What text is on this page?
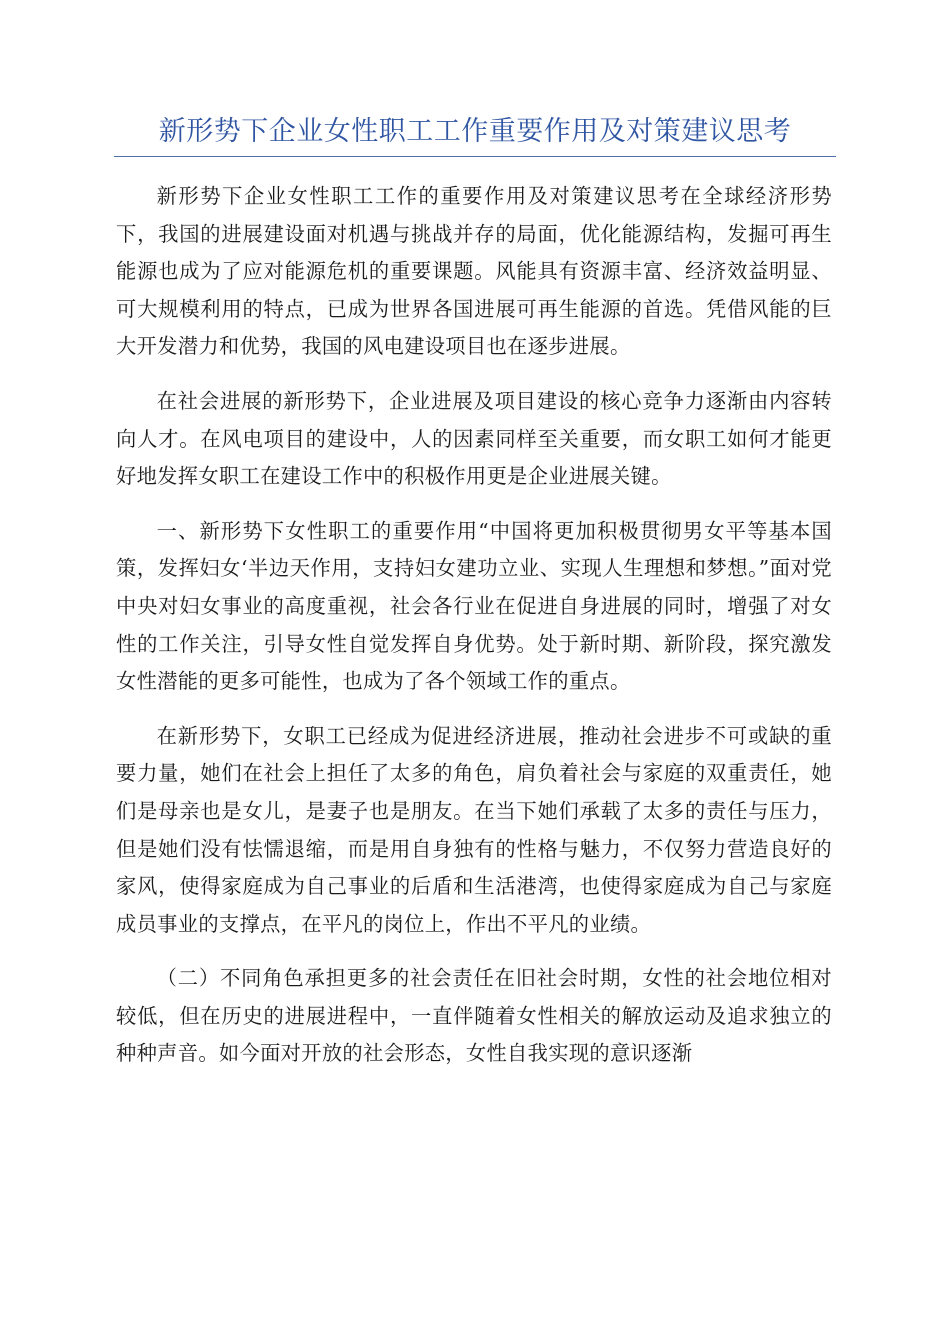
新形势下企业女性职工工作重要作用及对策建议思考

新形势下企业女性职工工作的重要作用及对策建议思考在全球经济形势下，我国的进展建设面对机遇与挑战并存的局面，优化能源结构，发掘可再生能源也成为了应对能源危机的重要课题。风能具有资源丰富、经济效益明显、可大规模利用的特点，已成为世界各国进展可再生能源的首选。凭借风能的巨大开发潜力和优势，我国的风电建设项目也在逐步进展。

在社会进展的新形势下，企业进展及项目建设的核心竞争力逐渐由内容转向人才。在风电项目的建设中，人的因素同样至关重要，而女职工如何才能更好地发挥女职工在建设工作中的积极作用更是企业进展关键。

一、新形势下女性职工的重要作用“中国将更加积极贯彻男女平等基本国策，发挥妇女‘半边天作用，支持妇女建功立业、实现人生理想和梦想。”面对党中央对妇女事业的高度重视，社会各行业在促进自身进展的同时，增强了对女性的工作关注，引导女性自觉发挥自身优势。处于新时期、新阶段，探究激发女性潜能的更多可能性，也成为了各个领域工作的重点。

在新形势下，女职工已经成为促进经济进展，推动社会进步不可或缺的重要力量，她们在社会上担任了太多的角色，肩负着社会与家庭的双重责任，她们是母亲也是女儿，是妻子也是朋友。在当下她们承载了太多的责任与压力，但是她们没有怯懦退缩，而是用自身独有的性格与魅力，不仅努力营造良好的家风，使得家庭成为自己事业的后盾和生活港湾，也使得家庭成为自己与家庭成员事业的支撑点，在平凡的岗位上，作出不平凡的业绩。

（二）不同角色承担更多的社会责任在旧社会时期，女性的社会地位相对较低，但在历史的进展进程中，一直伴随着女性相关的解放运动及追求独立的种种声音。如今面对开放的社会形态，女性自我实现的意识逐渐
